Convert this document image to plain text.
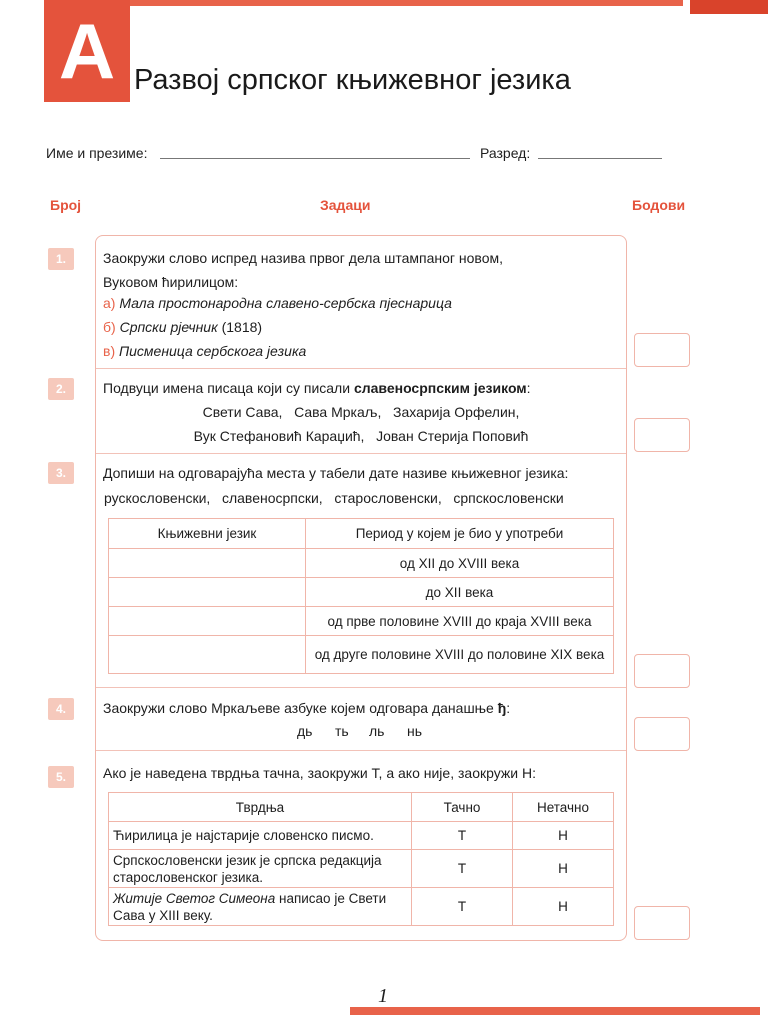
A Развој српског књижевног језика
Име и презиме:	Разред:
Број	Задаци	Бодови
1.
2.
3.
4.
5.
Заокружи слово испред назива првог дела штампаног новом,
Вуковом ћирилицом:
а) Мала простонародна славено-сербска пјеснарица
б) Српски рјечник (1818)
в) Писменица сербскога језика
Подвуци имена писаца који су писали славеносрпским језиком:
Свети Сава,   Сава Мркаљ,   Захарија Орфелин,
Вук Стефановић Караџић,   Јован Стерија Поповић
Допиши на одговарајућа места у табели дате називе књижевног језика:
рускословенски,   славеносрпски,   старословенски,   српскословенски
Књижевни језик	Период у којем је био у употреби
	од XII до XVIII века
	до XII века
	од прве половине XVIII до краја XVIII века
	од друге половине XVIII до половине XIX века
Заокружи слово Мркаљеве азбуке којем одговара данашње ђ:
дь ть ль нь
Ако је наведена тврдња тачна, заокружи Т, а ако није, заокружи Н:
Тврдња	Тачно	Нетачно
Ћирилица је најстарије словенско писмо.	Т	Н
Српскословенски језик је српска редакција старословенског језика.	Т	Н
Житије Светог Симеона написао је Свети Сава у XIII веку.	Т	Н
1
